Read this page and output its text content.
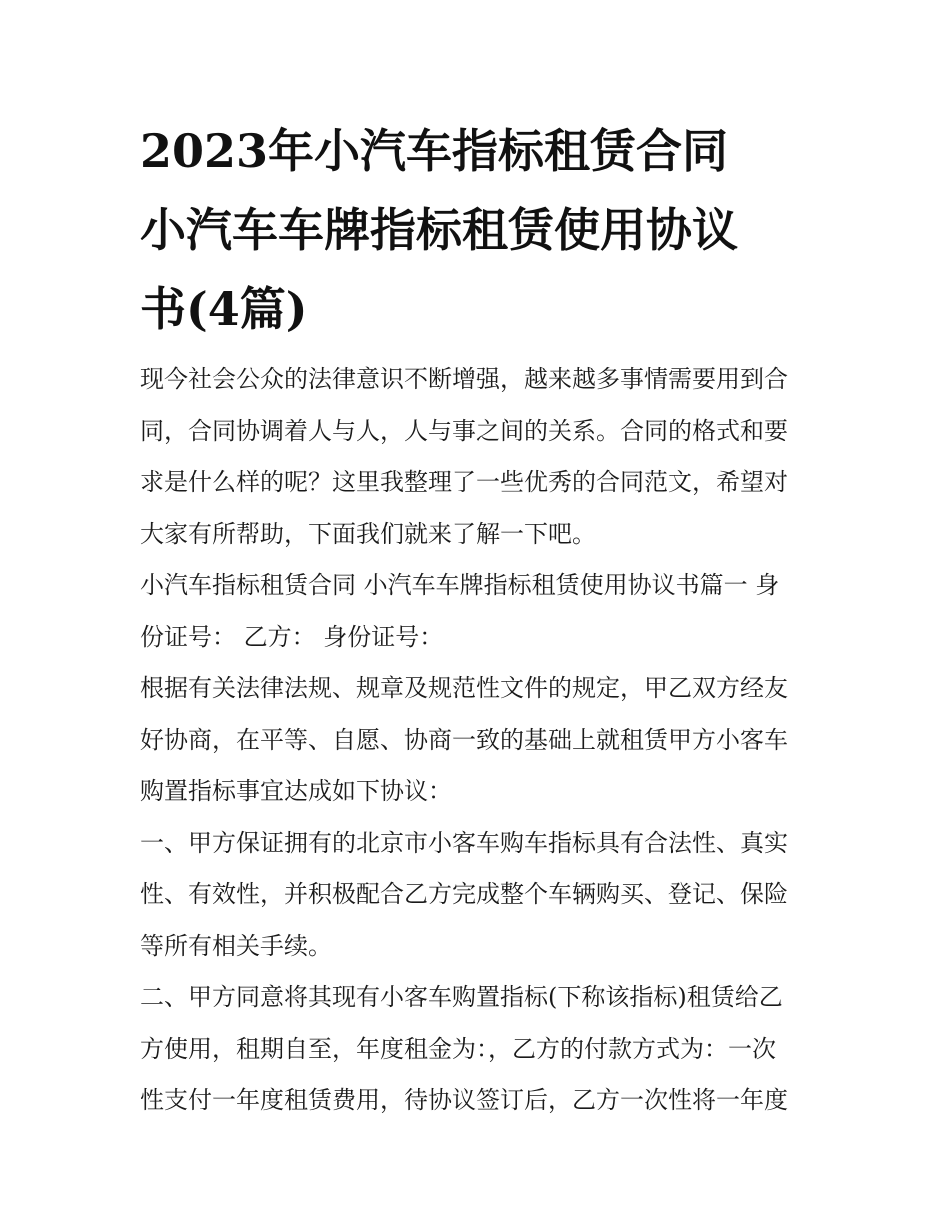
2023年小汽车指标租赁合同
小汽车车牌指标租赁使用协议
书(4篇)

现今社会公众的法律意识不断增强，越来越多事情需要用到合
同，合同协调着人与人，人与事之间的关系。合同的格式和要
求是什么样的呢？这里我整理了一些优秀的合同范文，希望对
大家有所帮助，下面我们就来了解一下吧。

小汽车指标租赁合同 小汽车车牌指标租赁使用协议书篇一 身
份证号： 乙方： 身份证号：

根据有关法律法规、规章及规范性文件的规定，甲乙双方经友
好协商，在平等、自愿、协商一致的基础上就租赁甲方小客车
购置指标事宜达成如下协议：

一、甲方保证拥有的北京市小客车购车指标具有合法性、真实
性、有效性，并积极配合乙方完成整个车辆购买、登记、保险
等所有相关手续。

二、甲方同意将其现有小客车购置指标(下称该指标)租赁给乙
方使用，租期自至，年度租金为：，乙方的付款方式为：一次
性支付一年度租赁费用，待协议签订后，乙方一次性将一年度
